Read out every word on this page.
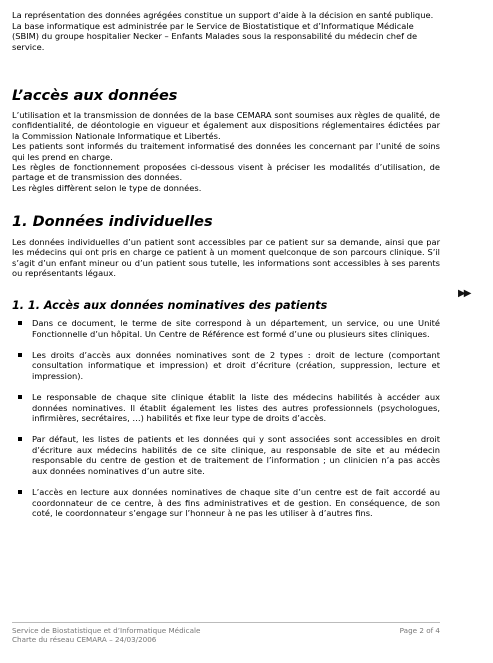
La représentation des données agrégées constitue un support d’aide à la décision en santé publique.

La base informatique est administrée par le Service de Biostatistique et d’Informatique Médicale (SBIM) du groupe hospitalier Necker – Enfants Malades sous la responsabilité du médecin chef de service.

L’accès aux données

L’utilisation et la transmission de données de la base CEMARA sont soumises aux règles de qualité, de confidentialité, de déontologie en vigueur et également aux dispositions réglementaires édictées par la Commission Nationale Informatique et Libertés.

Les patients sont informés du traitement informatisé des données les concernant par l’unité de soins qui les prend en charge.

Les règles de fonctionnement proposées ci-dessous visent à préciser les modalités d’utilisation, de partage et de transmission des données.

Les règles diffèrent selon le type de données.

1. Données individuelles

Les données individuelles d’un patient sont accessibles par ce patient sur sa demande, ainsi que par les médecins qui ont pris en charge ce patient à un moment quelconque de son parcours clinique. S’il s’agit d’un enfant mineur ou d’un patient sous tutelle, les informations sont accessibles à ses parents ou représentants légaux.

▶▶
1. 1. Accès aux données nominatives des patients
Dans ce document, le terme de site correspond à un département, un service, ou une Unité Fonctionnelle d’un hôpital. Un Centre de Référence est formé d’une ou plusieurs sites cliniques.
Les droits d’accès aux données nominatives sont de 2 types : droit de lecture (comportant consultation informatique et impression) et droit d’écriture (création, suppression, lecture et impression).
Le responsable de chaque site clinique établit la liste des médecins habilités à accéder aux données nominatives. Il établit également les listes des autres professionnels (psychologues, infirmières, secrétaires, …) habilités et fixe leur type de droits d’accès.
Par défaut, les listes de patients et les données qui y sont associées sont accessibles en droit d’écriture aux médecins habilités de ce site clinique, au responsable de site et au médecin responsable du centre de gestion et de traitement de l’information ; un clinicien n’a pas accès aux données nominatives d’un autre site.
L’accès en lecture aux données nominatives de chaque site d’un centre est de fait accordé au coordonnateur de ce centre, à des fins administratives et de gestion. En conséquence, de son coté, le coordonnateur s’engage sur l’honneur à ne pas les utiliser à d’autres fins.
Service de Biostatistique et d’Informatique Médicale
Charte du réseau CEMARA – 24/03/2006
Page 2 of 4
